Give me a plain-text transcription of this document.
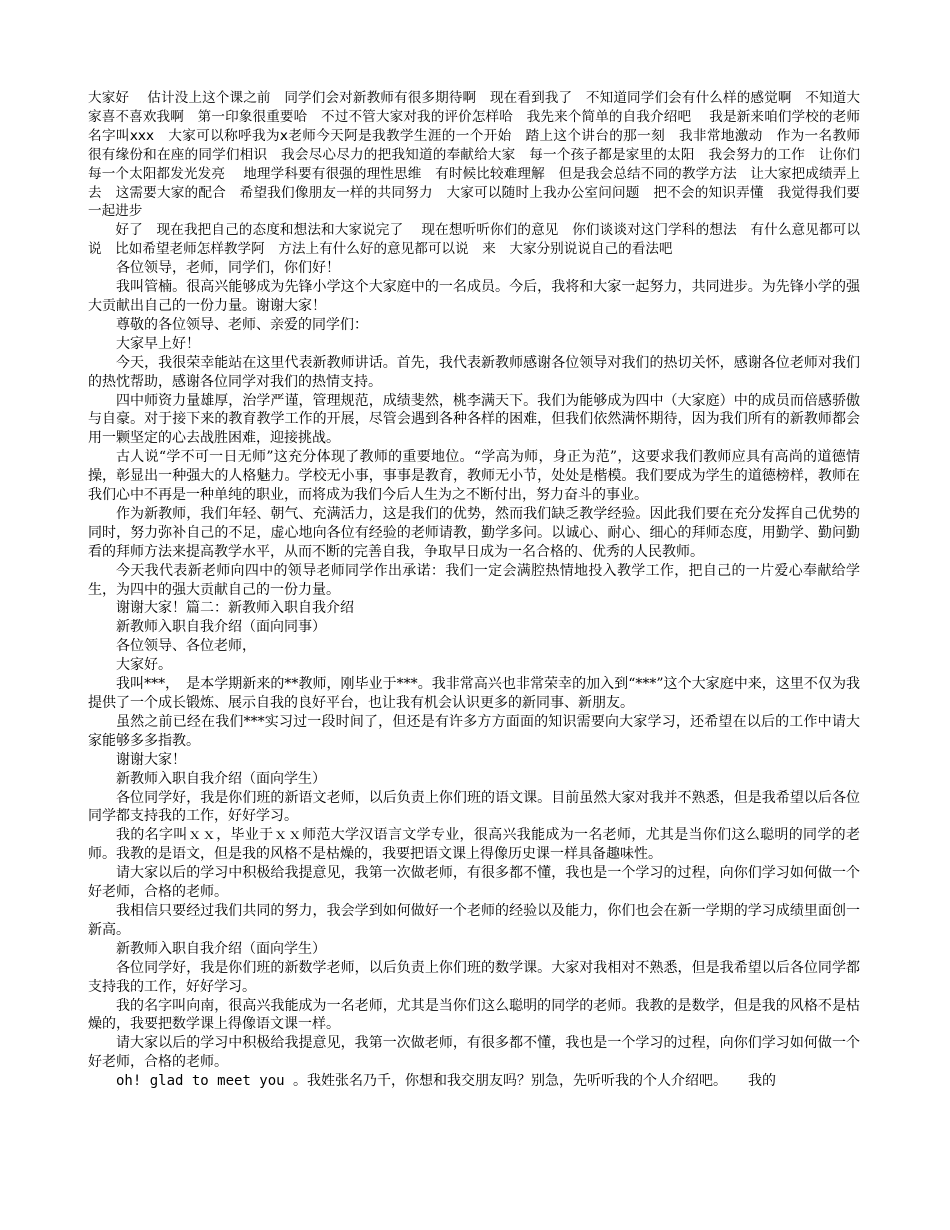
大家好　 估计没上这个课之前　同学们会对新教师有很多期待啊　现在看到我了　不知道同学们会有什么样的感觉啊　不知道大家喜不喜欢我啊　第一印象很重要哈　不过不管大家对我的评价怎样哈　我先来个简单的自我介绍吧　 我是新来咱们学校的老师　名字叫xxx　大家可以称呼我为x老师今天阿是我教学生涯的一个开始　踏上这个讲台的那一刻　我非常地激动　作为一名教师　 很有缘份和在座的同学们相识　我会尽心尽力的把我知道的奉献给大家　每一个孩子都是家里的太阳　我会努力的工作　让你们每一个太阳都发光发亮　 地理学科要有很强的理性思维　有时候比较难理解　但是我会总结不同的教学方法　让大家把成绩弄上去　这需要大家的配合　希望我们像朋友一样的共同努力　大家可以随时上我办公室问问题　把不会的知识弄懂　我觉得我们要一起进步

　　好了　现在我把自己的态度和想法和大家说完了　 现在想听听你们的意见　你们谈谈对这门学科的想法　有什么意见都可以说　比如希望老师怎样教学阿　方法上有什么好的意见都可以说　来　大家分别说说自己的看法吧

各位领导，老师，同学们，你们好！

我叫管楠。很高兴能够成为先锋小学这个大家庭中的一名成员。今后，我将和大家一起努力，共同进步。为先锋小学的强大贡献出自己的一份力量。谢谢大家！

尊敬的各位领导、老师、亲爱的同学们：

大家早上好！

今天，我很荣幸能站在这里代表新教师讲话。首先，我代表新教师感谢各位领导对我们的热切关怀，感谢各位老师对我们的热忱帮助，感谢各位同学对我们的热情支持。

四中师资力量雄厚，治学严谨，管理规范，成绩斐然，桃李满天下。我们为能够成为四中（大家庭）中的成员而倍感骄傲与自豪。对于接下来的教育教学工作的开展，尽管会遇到各种各样的困难，但我们依然满怀期待，因为我们所有的新教师都会用一颗坚定的心去战胜困难，迎接挑战。

古人说“学不可一日无师”这充分体现了教师的重要地位。“学高为师，身正为范”，这要求我们教师应具有高尚的道德情操，彰显出一种强大的人格魅力。学校无小事，事事是教育，教师无小节，处处是楷模。我们要成为学生的道德榜样，教师在我们心中不再是一种单纯的职业，而将成为我们今后人生为之不断付出，努力奋斗的事业。

作为新教师，我们年轻、朝气、充满活力，这是我们的优势，然而我们缺乏教学经验。因此我们要在充分发挥自己优势的同时，努力弥补自己的不足，虚心地向各位有经验的老师请教，勤学多问。以诚心、耐心、细心的拜师态度，用勤学、勤问勤看的拜师方法来提高教学水平，从而不断的完善自我，争取早日成为一名合格的、优秀的人民教师。

今天我代表新老师向四中的领导老师同学作出承诺：我们一定会满腔热情地投入教学工作，把自己的一片爱心奉献给学生，为四中的强大贡献自己的一份力量。

谢谢大家！篇二：新教师入职自我介绍

新教师入职自我介绍（面向同事）

各位领导、各位老师，

大家好。

我叫***，　是本学期新来的**教师，刚毕业于***。我非常高兴也非常荣幸的加入到“***”这个大家庭中来，这里不仅为我提供了一个成长锻炼、展示自我的良好平台，也让我有机会认识更多的新同事、新朋友。

虽然之前已经在我们***实习过一段时间了，但还是有许多方方面面的知识需要向大家学习，还希望在以后的工作中请大家能够多多指教。

谢谢大家！

新教师入职自我介绍（面向学生）

各位同学好，我是你们班的新语文老师，以后负责上你们班的语文课。目前虽然大家对我并不熟悉，但是我希望以后各位同学都支持我的工作，好好学习。

我的名字叫ｘｘ，毕业于ｘｘ师范大学汉语言文学专业，很高兴我能成为一名老师，尤其是当你们这么聪明的同学的老师。我教的是语文，但是我的风格不是枯燥的，我要把语文课上得像历史课一样具备趣味性。

请大家以后的学习中积极给我提意见，我第一次做老师，有很多都不懂，我也是一个学习的过程，向你们学习如何做一个好老师，合格的老师。

我相信只要经过我们共同的努力，我会学到如何做好一个老师的经验以及能力，你们也会在新一学期的学习成绩里面创一新高。

新教师入职自我介绍（面向学生）

各位同学好，我是你们班的新数学老师，以后负责上你们班的数学课。大家对我相对不熟悉，但是我希望以后各位同学都支持我的工作，好好学习。

我的名字叫向南，很高兴我能成为一名老师，尤其是当你们这么聪明的同学的老师。我教的是数学，但是我的风格不是枯燥的，我要把数学课上得像语文课一样。

请大家以后的学习中积极给我提意见，我第一次做老师，有很多都不懂，我也是一个学习的过程，向你们学习如何做一个好老师，合格的老师。

oh! glad to meet you 。我姓张名乃千，你想和我交朋友吗？别急，先听听我的个人介绍吧。　　我的
